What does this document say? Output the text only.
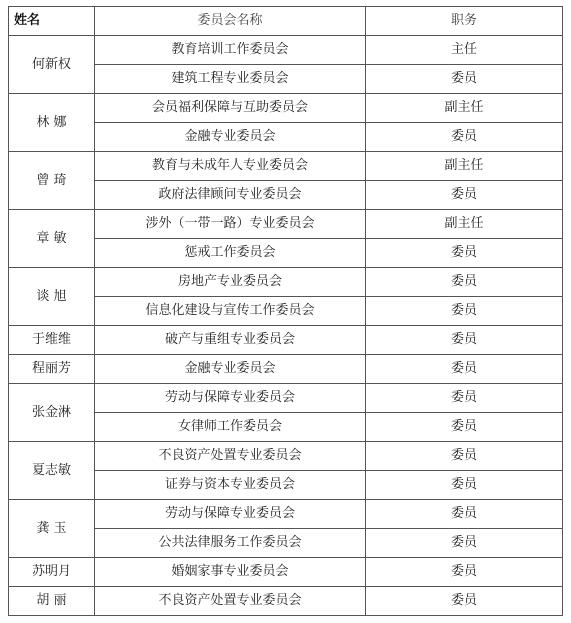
姓名	委员会名称	职务
何新权	教育培训工作委员会	主任
	建筑工程专业委员会	委员
林 娜	会员福利保障与互助委员会	副主任
	金融专业委员会	委员
曾 琦	教育与未成年人专业委员会	副主任
	政府法律顾问专业委员会	委员
章 敏	涉外（一带一路）专业委员会	副主任
	惩戒工作委员会	委员
谈 旭	房地产专业委员会	委员
	信息化建设与宣传工作委员会	委员
于维维	破产与重组专业委员会	委员
程丽芳	金融专业委员会	委员
张金淋	劳动与保障专业委员会	委员
	女律师工作委员会	委员
夏志敏	不良资产处置专业委员会	委员
	证券与资本专业委员会	委员
龚 玉	劳动与保障专业委员会	委员
	公共法律服务工作委员会	委员
苏明月	婚姻家事专业委员会	委员
胡 丽	不良资产处置专业委员会	委员
